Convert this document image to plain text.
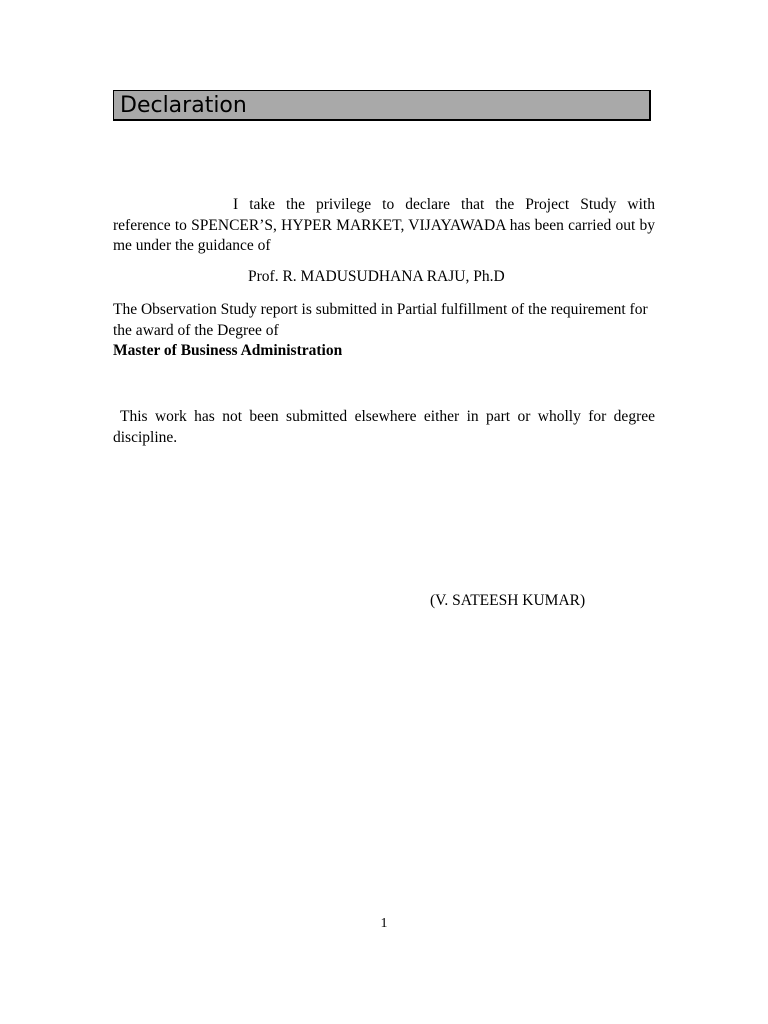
Declaration
I take the privilege to declare that the Project Study with
reference to SPENCER’S, HYPER MARKET, VIJAYAWADA has been carried out by me under the guidance of
Prof. R. MADUSUDHANA RAJU, Ph.D
The Observation Study report is submitted in Partial fulfillment of the requirement for the award of the Degree of
Master of Business Administration
This work has not been submitted elsewhere either in part or wholly for degree discipline.
(V. SATEESH KUMAR)
1
